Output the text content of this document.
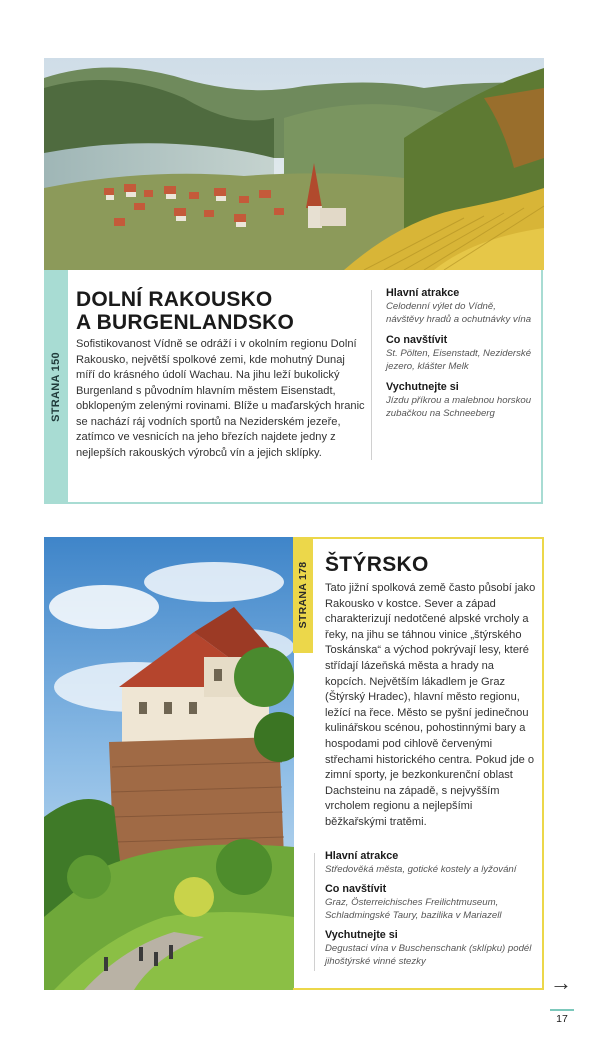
STRANA 150
DOLNÍ RAKOUSKO
A BURGENLANDSKO
Sofistikovanost Vídně se odráží i v okolním regionu Dolní Rakousko, největší spolkové zemi, kde mohutný Dunaj míří do krásného údolí Wachau. Na jihu leží bukolický Burgenland s původním hlavním městem Eisenstadt, obklopeným zelenými rovinami. Blíže u maďarských hranic se nachází ráj vodních sportů na Neziderském jezeře, zatímco ve vesnicích na jeho březích najdete jedny z nejlepších rakouských výrobců vín a jejich sklípky.

Hlavní atrakce

Celodenní výlet do Vídně, návštěvy hradů a ochutnávky vína

Co navštívit

St. Pölten, Eisenstadt, Neziderské jezero, klášter Melk

Vychutnejte si

Jízdu příkrou a malebnou horskou zubačkou na Schneeberg

STRANA 178 ŠTÝRSKO
Tato jižní spolková země často působí jako Rakousko v kostce. Sever a západ charakterizují nedotčené alpské vrcholy a řeky, na jihu se táhnou vinice „štýrského Toskánska“ a východ pokrývají lesy, které střídají lázeňská města a hrady na kopcích. Největším lákadlem je Graz (Štýrský Hradec), hlavní město regionu, ležící na řece. Město se pyšní jedinečnou kulinářskou scénou, pohostinnými bary a hospodami pod cihlově červenými střechami historického centra. Pokud jde o zimní sporty, je bezkonkurenční oblast Dachsteinu na západě, s nejvyšším vrcholem regionu a nejlepšími běžkařskými tratěmi.

Hlavní atrakce

Středověká města, gotické kostely a lyžování

Co navštívit

Graz, Österreichisches Freilichtmuseum, Schladmingské Taury, bazilika v Mariazell

Vychutnejte si

Degustaci vína v Buschenschank (sklípku) podél jihoštýrské vinné stezky

→
17
